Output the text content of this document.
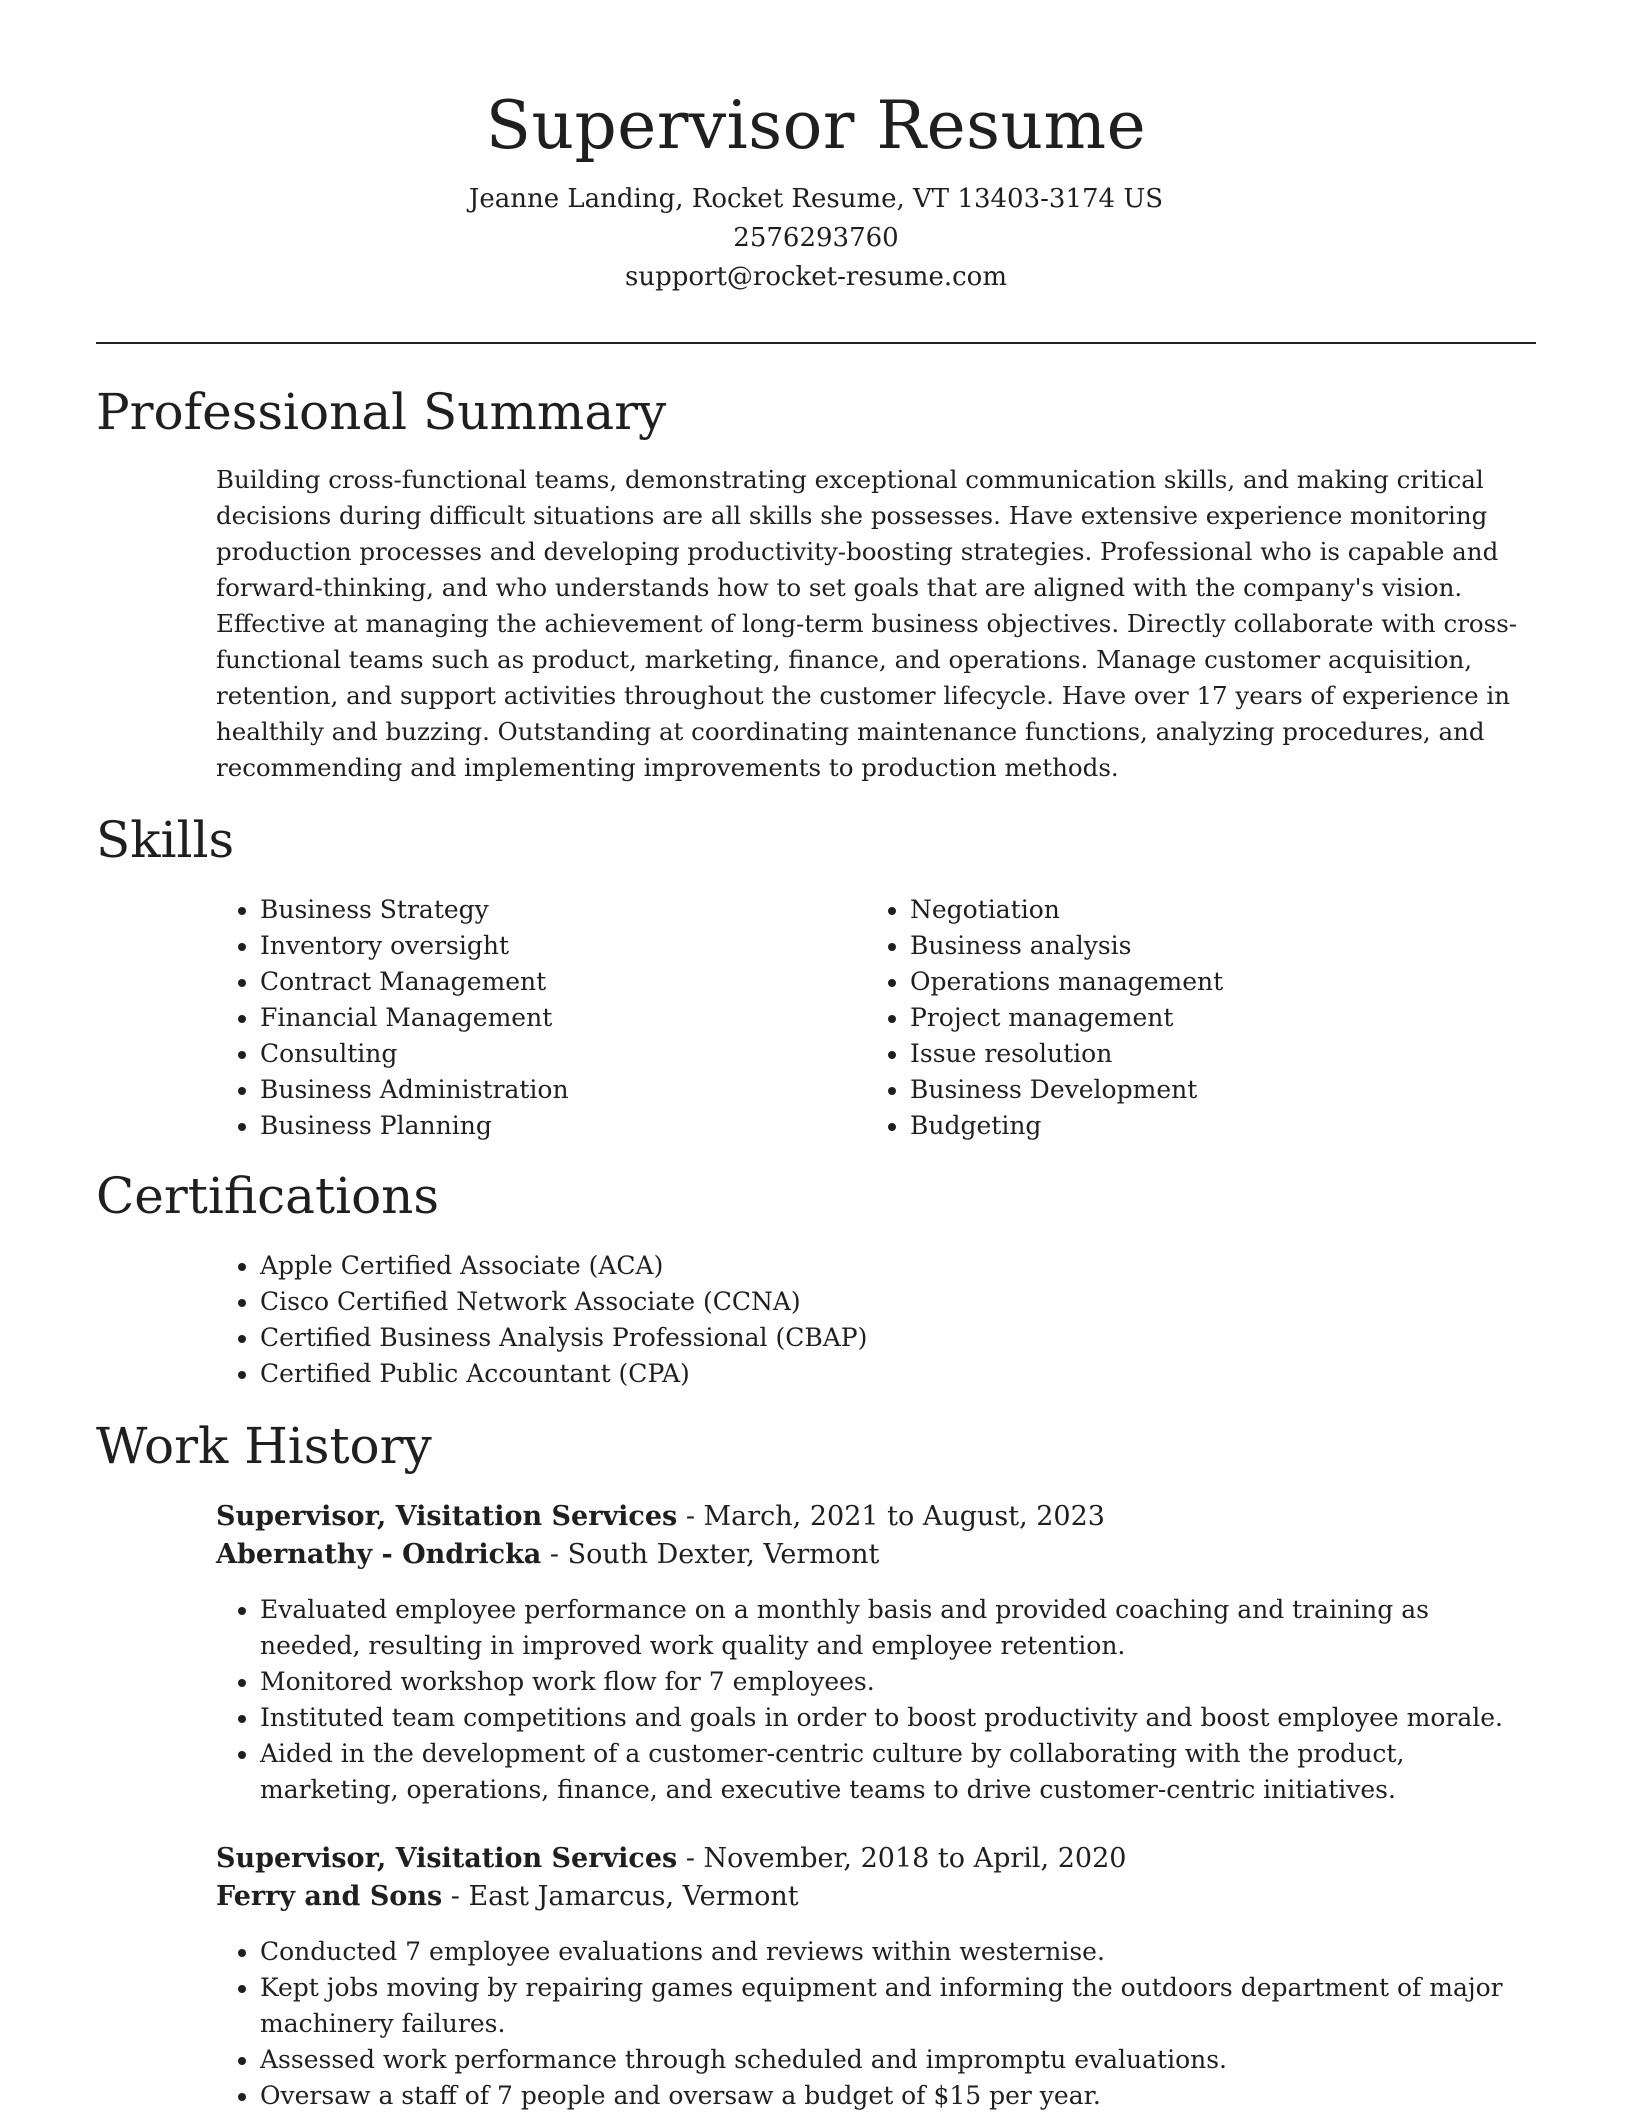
Supervisor Resume
Jeanne Landing, Rocket Resume, VT 13403-3174 US
2576293760
support@rocket-resume.com
Professional Summary

Building cross-functional teams, demonstrating exceptional communication skills, and making critical decisions during difficult situations are all skills she possesses. Have extensive experience monitoring production processes and developing productivity-boosting strategies. Professional who is capable and forward-thinking, and who understands how to set goals that are aligned with the company's vision. Effective at managing the achievement of long-term business objectives. Directly collaborate with cross-functional teams such as product, marketing, finance, and operations. Manage customer acquisition, retention, and support activities throughout the customer lifecycle. Have over 17 years of experience in healthily and buzzing. Outstanding at coordinating maintenance functions, analyzing procedures, and recommending and implementing improvements to production methods.

Skills
• Business Strategy
• Inventory oversight
• Contract Management
• Financial Management
• Consulting
• Business Administration
• Business Planning
• Negotiation
• Business analysis
• Operations management
• Project management
• Issue resolution
• Business Development
• Budgeting
Certifications
• Apple Certified Associate (ACA)
• Cisco Certified Network Associate (CCNA)
• Certified Business Analysis Professional (CBAP)
• Certified Public Accountant (CPA)
Work History
Supervisor, Visitation Services - March, 2021 to August, 2023
Abernathy - Ondricka - South Dexter, Vermont
• Evaluated employee performance on a monthly basis and provided coaching and training as needed, resulting in improved work quality and employee retention.
• Monitored workshop work flow for 7 employees.
• Instituted team competitions and goals in order to boost productivity and boost employee morale.
• Aided in the development of a customer-centric culture by collaborating with the product, marketing, operations, finance, and executive teams to drive customer-centric initiatives.
Supervisor, Visitation Services - November, 2018 to April, 2020
Ferry and Sons - East Jamarcus, Vermont
• Conducted 7 employee evaluations and reviews within westernise.
• Kept jobs moving by repairing games equipment and informing the outdoors department of major machinery failures.
• Assessed work performance through scheduled and impromptu evaluations.
• Oversaw a staff of 7 people and oversaw a budget of $15 per year.
